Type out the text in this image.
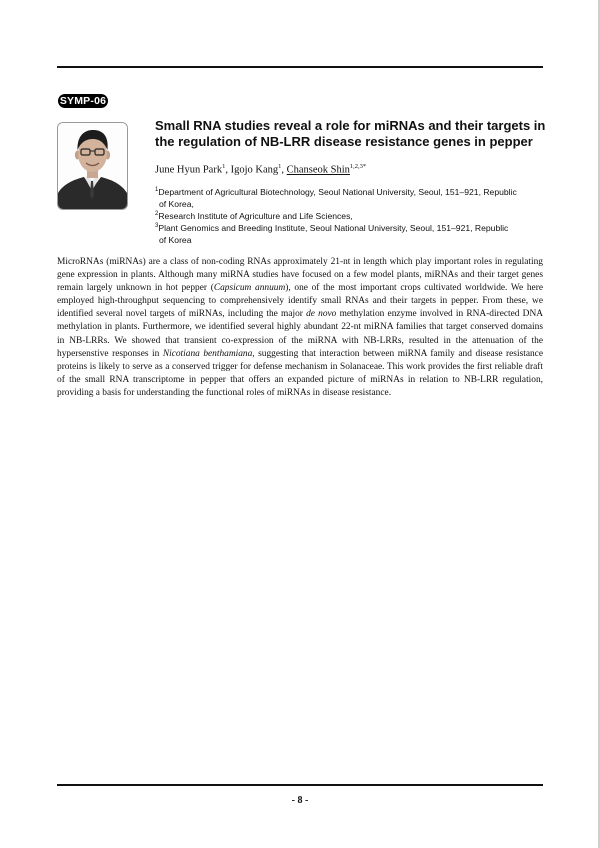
SYMP-06
Small RNA studies reveal a role for miRNAs and their targets in
the regulation of NB-LRR disease resistance genes in pepper
June Hyun Park$^1$, Igojo Kang$^1$, Chanseok Shin$^{1,2,3*}$
$^1$Department of Agricultural Biotechnology, Seoul National University, Seoul, 151–921, Republic
of Korea,
$^2$Research Institute of Agriculture and Life Sciences,
$^3$Plant Genomics and Breeding Institute, Seoul National University, Seoul, 151–921, Republic
of Korea
MicroRNAs (miRNAs) are a class of non-coding RNAs approximately 21-nt in length which play important roles in regulating gene expression in plants. Although many miRNA studies have focused on a few model plants, miRNAs and their target genes remain largely unknown in hot pepper (Capsicum annuum), one of the most important crops cultivated worldwide. We here employed high-throughput sequencing to comprehensively identify small RNAs and their targets in pepper. From these, we identified several novel targets of miRNAs, including the major de novo methylation enzyme involved in RNA-directed DNA methylation in plants. Furthermore, we identified several highly abundant 22-nt miRNA families that target conserved domains in NB-LRRs. We showed that transient co-expression of the miRNA with NB-LRRs, resulted in the attenuation of the hypersenstive responses in Nicotiana benthamiana, suggesting that interaction between miRNA family and disease resistance proteins is likely to serve as a conserved trigger for defense mechanism in Solanaceae. This work provides the first reliable draft of the small RNA transcriptome in pepper that offers an expanded picture of miRNAs in relation to NB-LRR regulation, providing a basis for understanding the functional roles of miRNAs in disease resistance.
- 8 -
